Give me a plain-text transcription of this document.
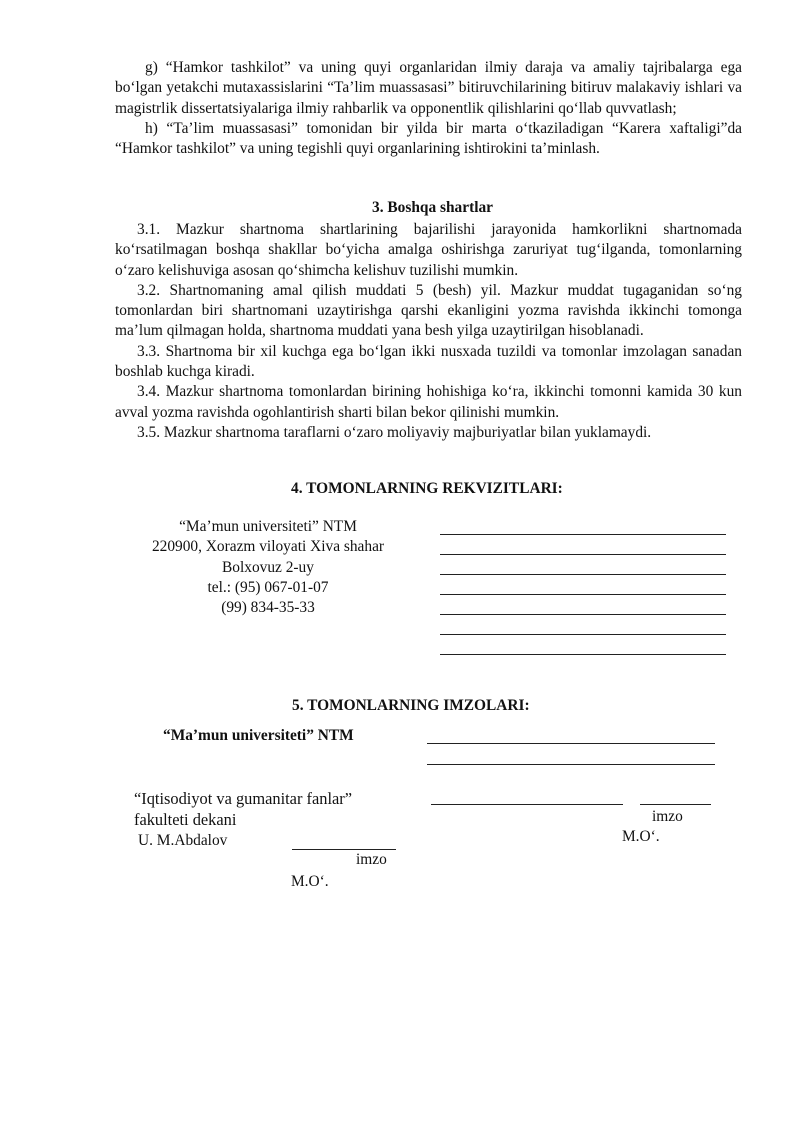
g) “Hamkor tashkilot” va uning quyi organlaridan ilmiy daraja va amaliy tajribalarga ega bo‘lgan yetakchi mutaxassislarini “Ta’lim muassasasi” bitiruvchilarining bitiruv malakaviy ishlari va magistrlik dissertatsiyalariga ilmiy rahbarlik va opponentlik qilishlarini qo‘llab quvvatlash;
h) “Ta’lim muassasasi” tomonidan bir yilda bir marta o‘tkaziladigan “Karera xaftaligi”da “Hamkor tashkilot” va uning tegishli quyi organlarining ishtirokini ta’minlash.
3. Boshqa shartlar
3.1. Mazkur shartnoma shartlarining bajarilishi jarayonida hamkorlikni shartnomada ko‘rsatilmagan boshqa shakllar bo‘yicha amalga oshirishga zaruriyat tug‘ilganda, tomonlarning o‘zaro kelishuviga asosan qo‘shimcha kelishuv tuzilishi mumkin.
3.2. Shartnomaning amal qilish muddati 5 (besh) yil. Mazkur muddat tugaganidan so‘ng tomonlardan biri shartnomani uzaytirishga qarshi ekanligini yozma ravishda ikkinchi tomonga ma’lum qilmagan holda, shartnoma muddati yana besh yilga uzaytirilgan hisoblanadi.
3.3. Shartnoma bir xil kuchga ega bo‘lgan ikki nusxada tuzildi va tomonlar imzolagan sanadan boshlab kuchga kiradi.
3.4. Mazkur shartnoma tomonlardan birining hohishiga ko‘ra, ikkinchi tomonni kamida 30 kun avval yozma ravishda ogohlantirish sharti bilan bekor qilinishi mumkin.
3.5. Mazkur shartnoma taraflarni o‘zaro moliyaviy majburiyatlar bilan yuklamaydi.
4. TOMONLARNING REKVIZITLARI:
“Ma’mun universiteti” NTM
220900, Xorazm viloyati Xiva shahar
Bolxovuz 2-uy
tel.: (95) 067-01-07
(99) 834-35-33
5. TOMONLARNING IMZOLARI:
“Ma’mun universiteti” NTM
“Iqtisodiyot va gumanitar fanlar”
fakulteti dekani
U. M.Abdalov
imzo
M.O‘.
imzo
M.O‘.
